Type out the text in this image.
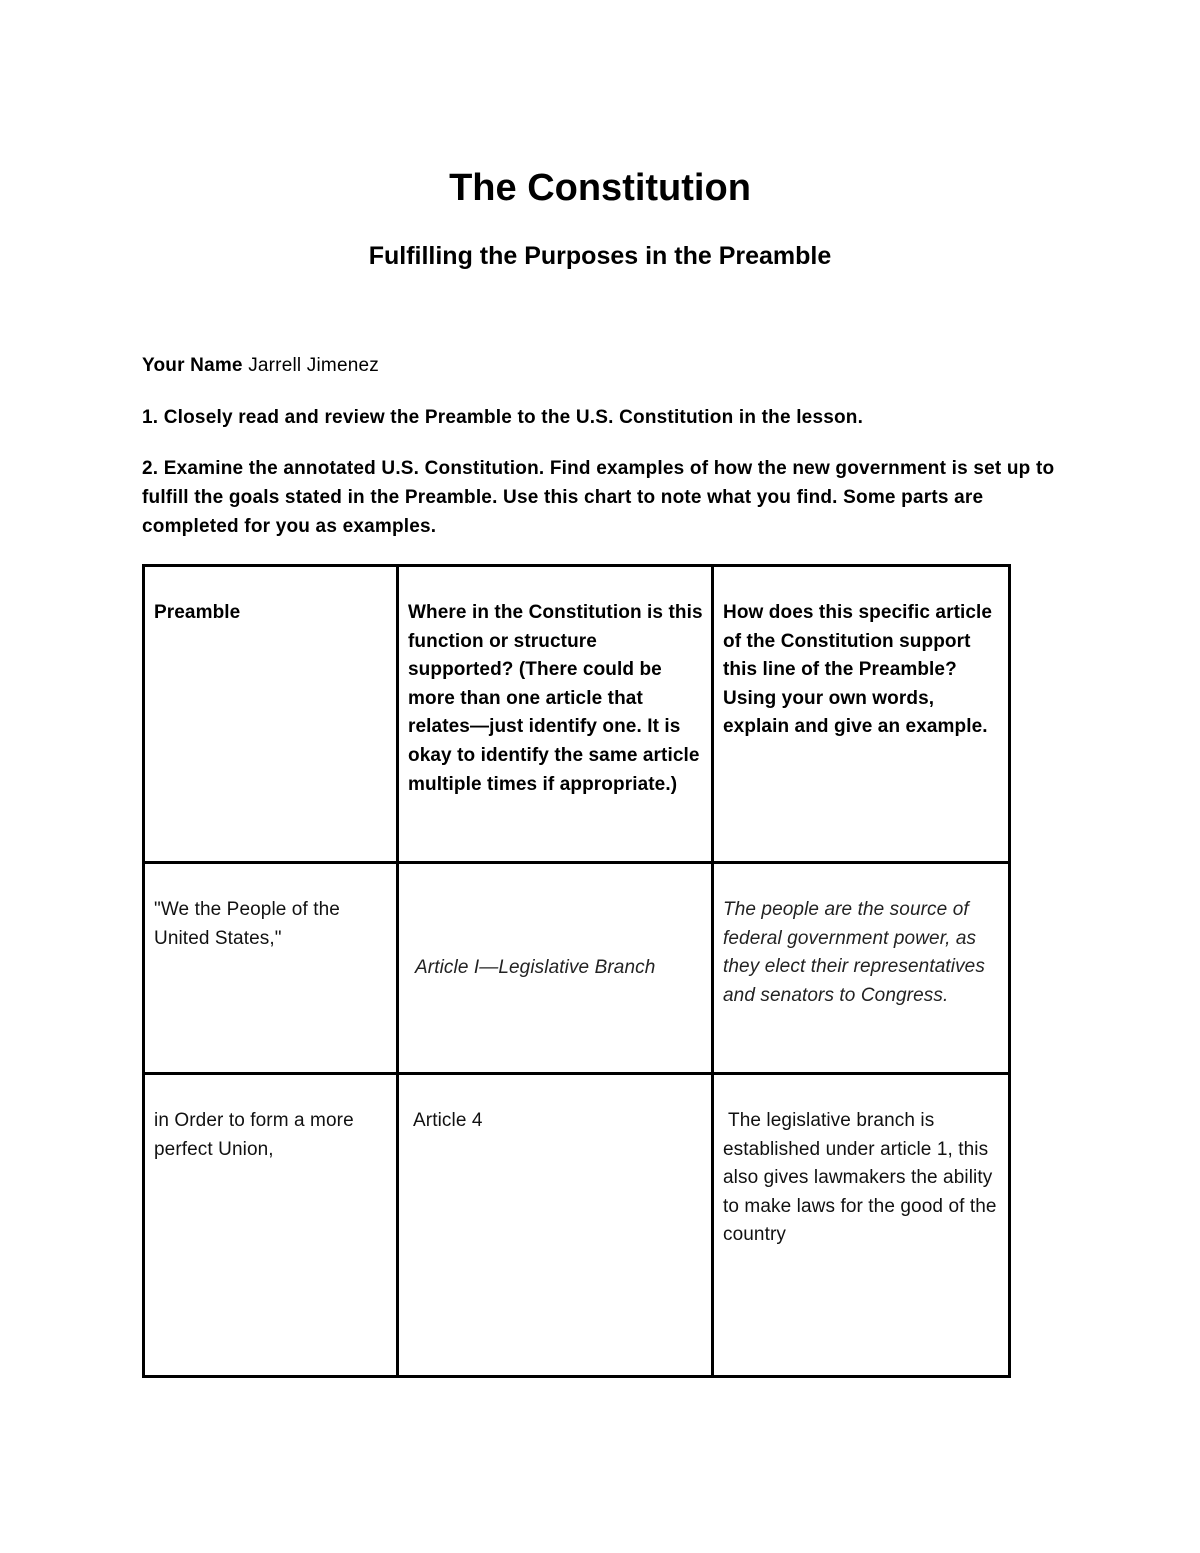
The Constitution
Fulfilling the Purposes in the Preamble
Your Name Jarrell Jimenez

1. Closely read and review the Preamble to the U.S. Constitution in the lesson.

2. Examine the annotated U.S. Constitution. Find examples of how the new government is set up to fulfill the goals stated in the Preamble. Use this chart to note what you find. Some parts are completed for you as examples.

Preamble	Where in the Constitution is this function or structure supported? (There could be more than one article that relates—just identify one. It is okay to identify the same article multiple times if appropriate.)	How does this specific article of the Constitution support this line of the Preamble? Using your own words, explain and give an example.
"We the People of the United States,"	Article I—Legislative Branch	The people are the source of federal government power, as they elect their representatives and senators to Congress.
in Order to form a more perfect Union,	Article 4	The legislative branch is established under article 1, this also gives lawmakers the ability to make laws for the good of the country
